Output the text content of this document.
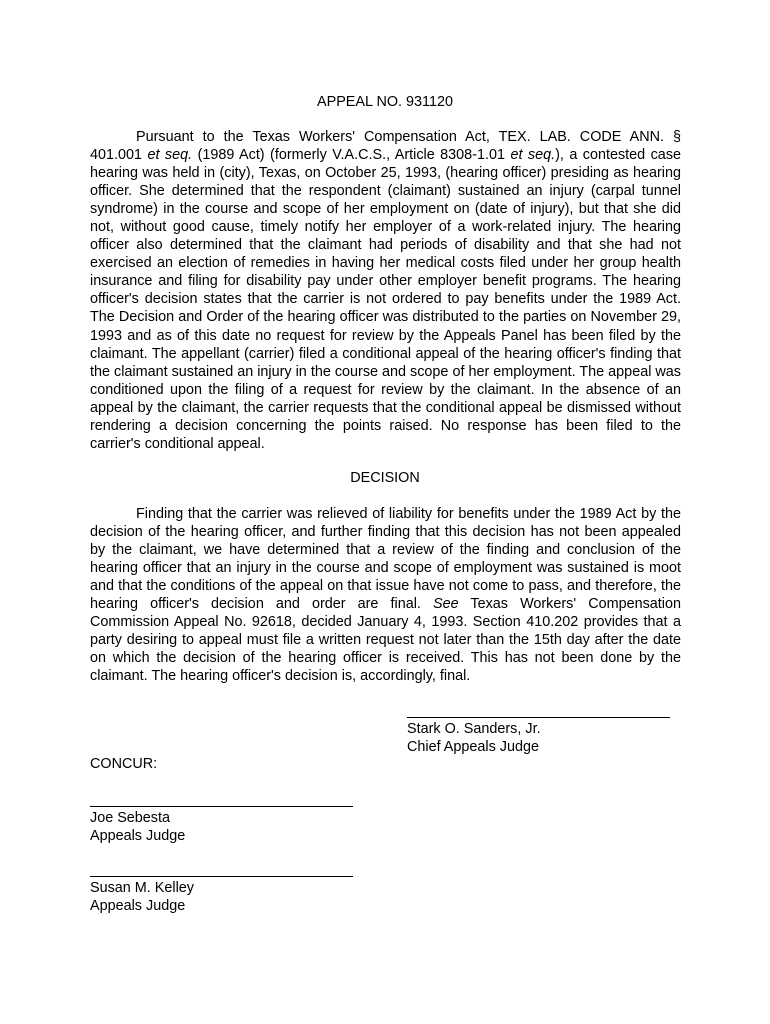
APPEAL NO. 931120

Pursuant to the Texas Workers' Compensation Act, TEX. LAB. CODE ANN. § 401.001 et seq. (1989 Act) (formerly V.A.C.S., Article 8308-1.01 et seq.), a contested case hearing was held in (city), Texas, on October 25, 1993, (hearing officer) presiding as hearing officer. She determined that the respondent (claimant) sustained an injury (carpal tunnel syndrome) in the course and scope of her employment on (date of injury), but that she did not, without good cause, timely notify her employer of a work-related injury. The hearing officer also determined that the claimant had periods of disability and that she had not exercised an election of remedies in having her medical costs filed under her group health insurance and filing for disability pay under other employer benefit programs. The hearing officer's decision states that the carrier is not ordered to pay benefits under the 1989 Act. The Decision and Order of the hearing officer was distributed to the parties on November 29, 1993 and as of this date no request for review by the Appeals Panel has been filed by the claimant. The appellant (carrier) filed a conditional appeal of the hearing officer's finding that the claimant sustained an injury in the course and scope of her employment. The appeal was conditioned upon the filing of a request for review by the claimant. In the absence of an appeal by the claimant, the carrier requests that the conditional appeal be dismissed without rendering a decision concerning the points raised. No response has been filed to the carrier's conditional appeal.

DECISION

Finding that the carrier was relieved of liability for benefits under the 1989 Act by the decision of the hearing officer, and further finding that this decision has not been appealed by the claimant, we have determined that a review of the finding and conclusion of the hearing officer that an injury in the course and scope of employment was sustained is moot and that the conditions of the appeal on that issue have not come to pass, and therefore, the hearing officer's decision and order are final. See Texas Workers' Compensation Commission Appeal No. 92618, decided January 4, 1993. Section 410.202 provides that a party desiring to appeal must file a written request not later than the 15th day after the date on which the decision of the hearing officer is received. This has not been done by the claimant. The hearing officer's decision is, accordingly, final.

Stark O. Sanders, Jr.
Chief Appeals Judge
CONCUR:
Joe Sebesta
Appeals Judge
Susan M. Kelley
Appeals Judge
